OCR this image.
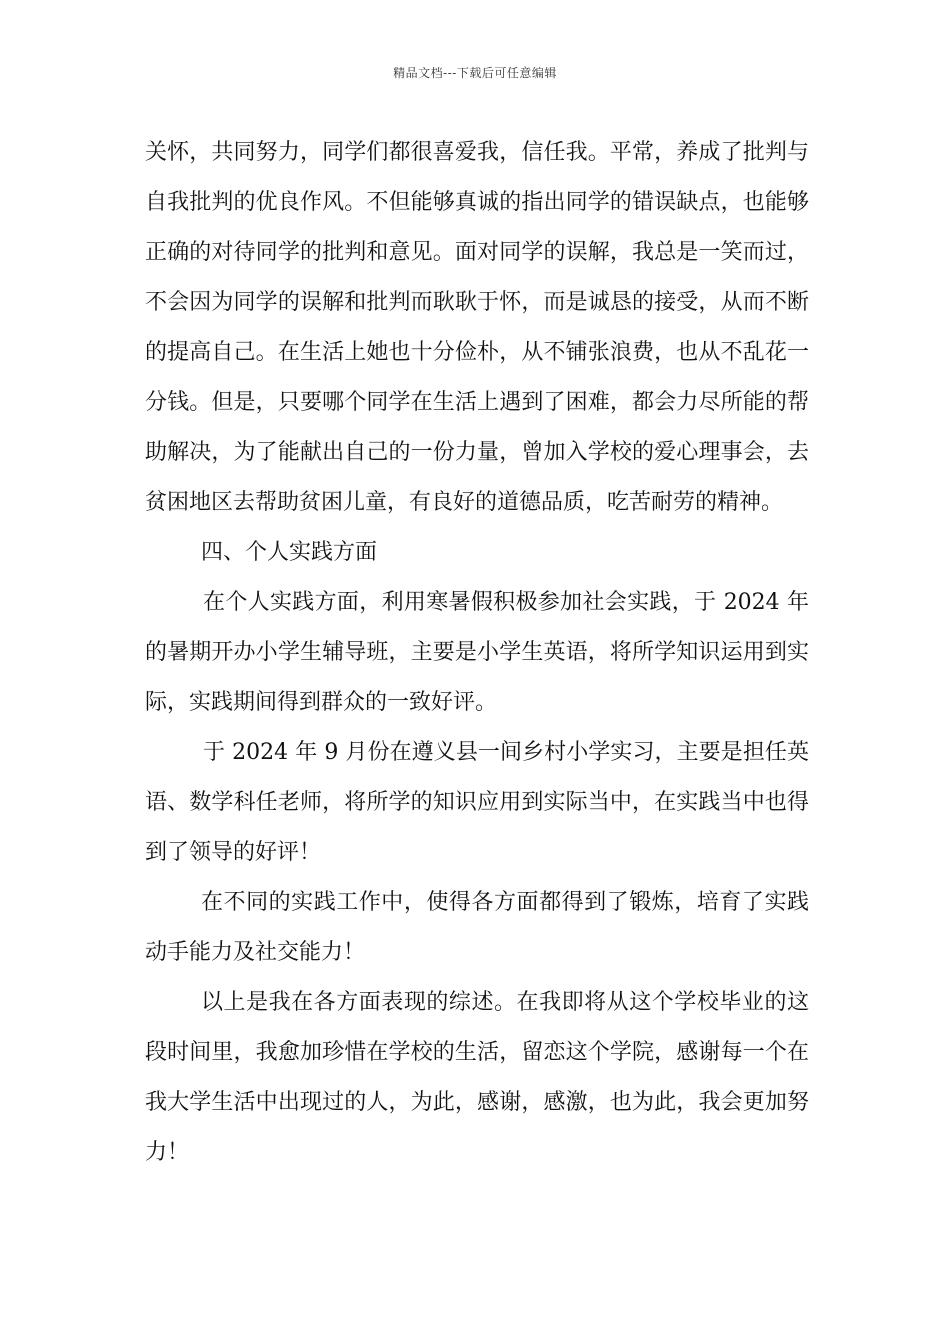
精品文档---下载后可任意编辑

关怀，共同努力，同学们都很喜爱我，信任我。平常，养成了批判与自我批判的优良作风。不但能够真诚的指出同学的错误缺点，也能够正确的对待同学的批判和意见。面对同学的误解，我总是一笑而过，不会因为同学的误解和批判而耿耿于怀，而是诚恳的接受，从而不断的提高自己。在生活上她也十分俭朴，从不铺张浪费，也从不乱花一分钱。但是，只要哪个同学在生活上遇到了困难，都会力尽所能的帮助解决，为了能献出自己的一份力量，曾加入学校的爱心理事会，去贫困地区去帮助贫困儿童，有良好的道德品质，吃苦耐劳的精神。

四、个人实践方面

在个人实践方面，利用寒暑假积极参加社会实践，于 2024 年的暑期开办小学生辅导班，主要是小学生英语，将所学知识运用到实际，实践期间得到群众的一致好评。

于 2024 年 9 月份在遵义县一间乡村小学实习，主要是担任英语、数学科任老师，将所学的知识应用到实际当中，在实践当中也得到了领导的好评！

在不同的实践工作中，使得各方面都得到了锻炼，培育了实践动手能力及社交能力！

以上是我在各方面表现的综述。在我即将从这个学校毕业的这段时间里，我愈加珍惜在学校的生活，留恋这个学院，感谢每一个在我大学生活中出现过的人，为此，感谢，感激，也为此，我会更加努力！
